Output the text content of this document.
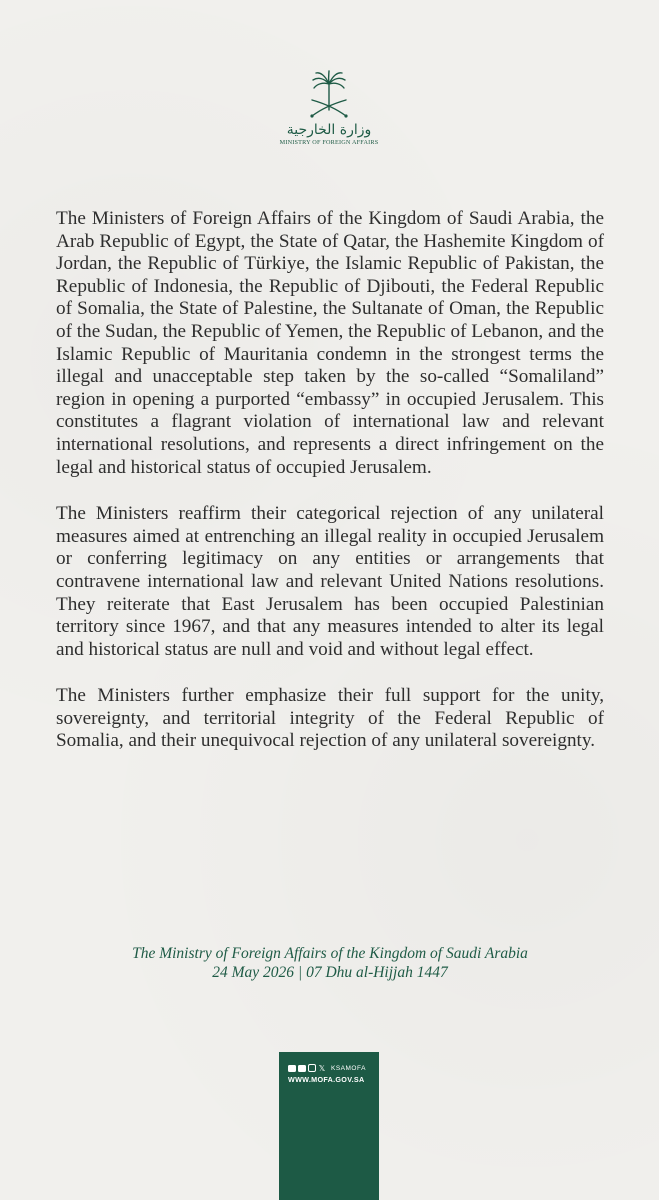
وزارة الخارجية
MINISTRY OF FOREIGN AFFAIRS

The Ministers of Foreign Affairs of the Kingdom of Saudi Arabia, the Arab Republic of Egypt, the State of Qatar, the Hashemite Kingdom of Jordan, the Republic of Türkiye, the Islamic Republic of Pakistan, the Republic of Indonesia, the Republic of Djibouti, the Federal Republic of Somalia, the State of Palestine, the Sultanate of Oman, the Republic of the Sudan, the Republic of Yemen, the Republic of Lebanon, and the Islamic Republic of Mauritania condemn in the strongest terms the illegal and unacceptable step taken by the so-called “Somaliland” region in opening a purported “embassy” in occupied Jerusalem. This constitutes a flagrant violation of international law and relevant international resolutions, and represents a direct infringement on the legal and historical status of occupied Jerusalem.

The Ministers reaffirm their categorical rejection of any unilateral measures aimed at entrenching an illegal reality in occupied Jerusalem or conferring legitimacy on any entities or arrangements that contravene international law and relevant United Nations resolutions. They reiterate that East Jerusalem has been occupied Palestinian territory since 1967, and that any measures intended to alter its legal and historical status are null and void and without legal effect.

The Ministers further emphasize their full support for the unity, sovereignty, and territorial integrity of the Federal Republic of Somalia, and their unequivocal rejection of any unilateral sovereignty.

The Ministry of Foreign Affairs of the Kingdom of Saudi Arabia
24 May 2026 | 07 Dhu al-Hijjah 1447
𝕏 KSAMOFA
WWW.MOFA.GOV.SA
